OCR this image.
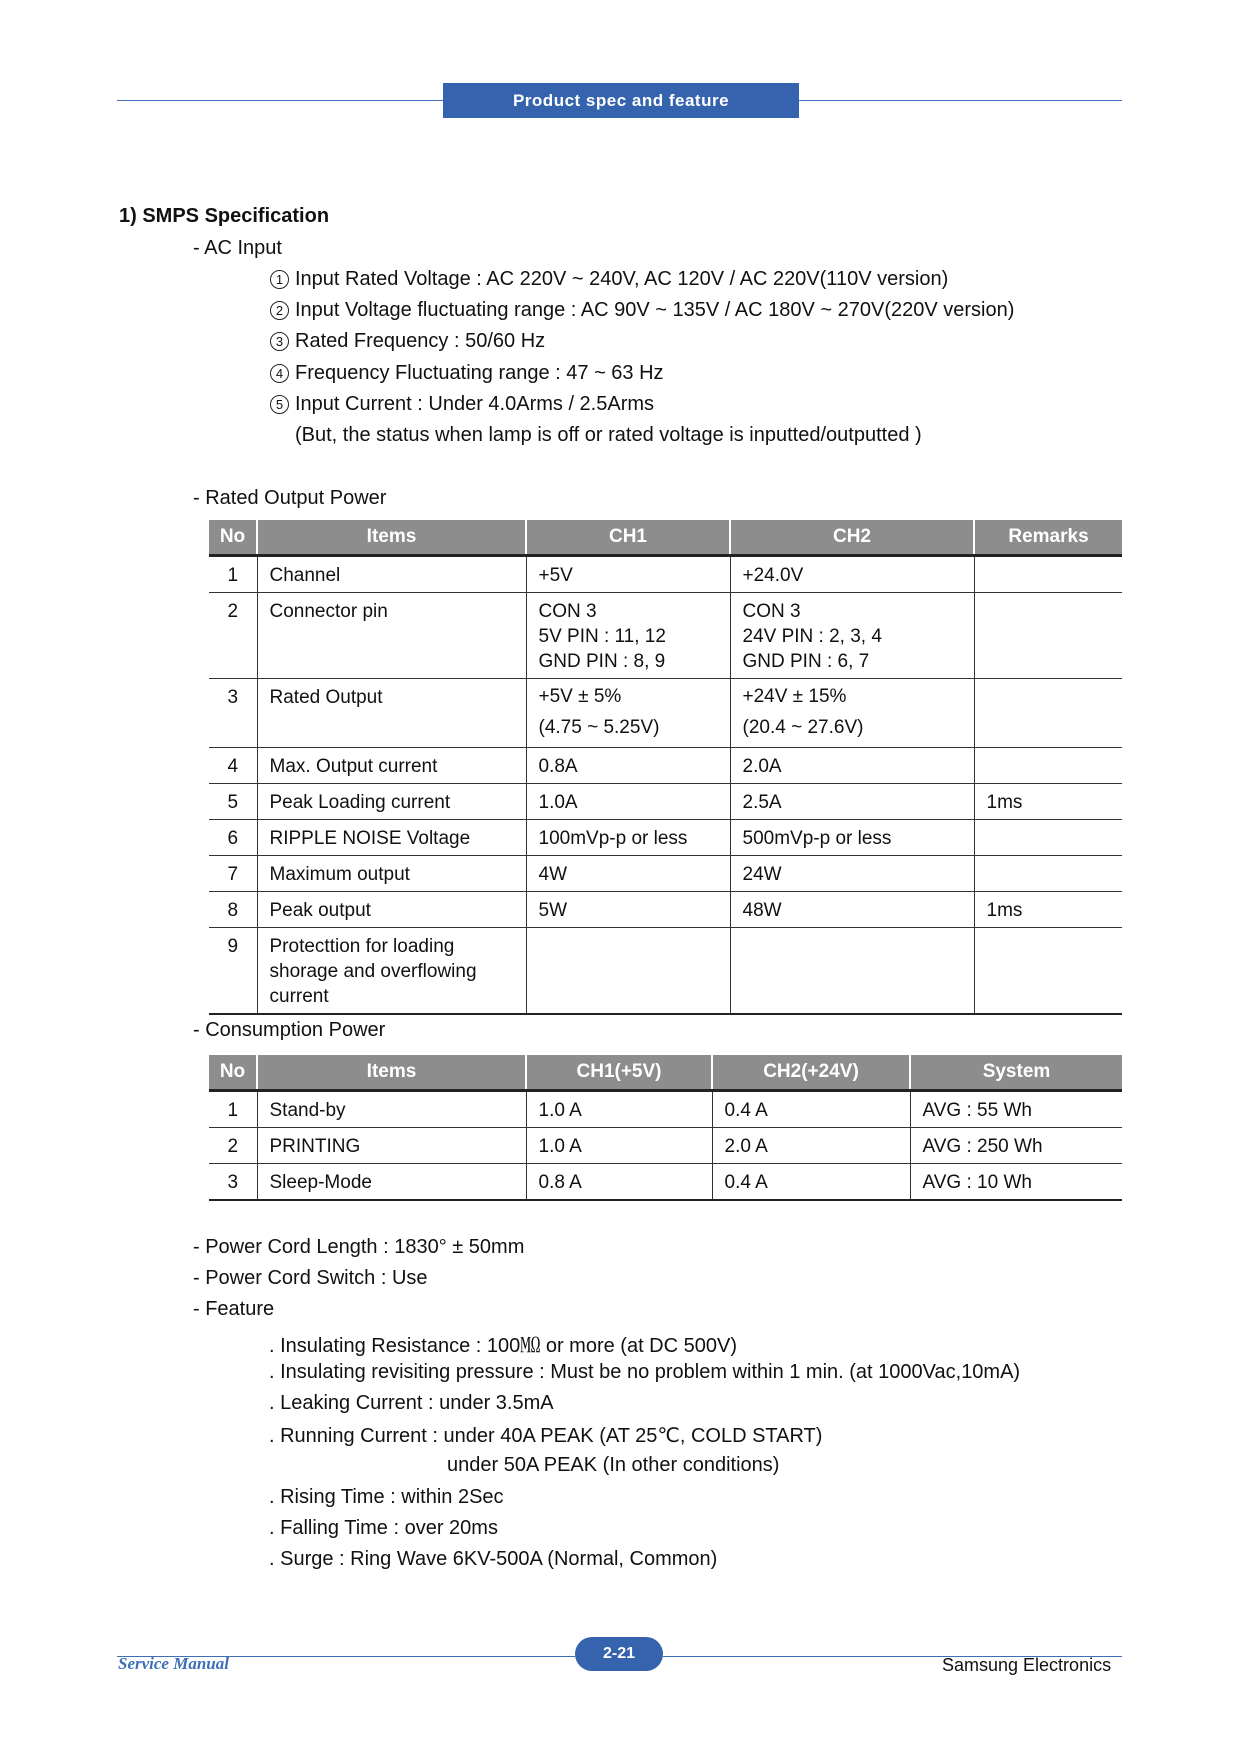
Product spec and feature
1) SMPS Specification
- AC Input
1 Input Rated Voltage : AC 220V ~ 240V, AC 120V / AC 220V(110V version)
2 Input Voltage fluctuating range : AC 90V ~ 135V / AC 180V ~ 270V(220V version)
3 Rated Frequency : 50/60 Hz
4 Frequency Fluctuating range : 47 ~ 63 Hz
5 Input Current : Under 4.0Arms / 2.5Arms
(But, the status when lamp is off or rated voltage is inputted/outputted )
- Rated Output Power
No	Items	CH1	CH2	Remarks
1	Channel	+5V	+24.0V	

2	Connector pin	CON 3
5V PIN : 11, 12
GND PIN : 8, 9	CON 3
24V PIN : 2, 3, 4
GND PIN : 6, 7	

3	Rated Output	+5V ± 5%
(4.75 ~ 5.25V)	+24V ± 15%
(20.4 ~ 27.6V)	

4	Max. Output current	0.8A	2.0A	

5	Peak Loading current	1.0A	2.5A	1ms
6	RIPPLE NOISE Voltage	100mVp-p or less	500mVp-p or less	

7	Maximum output	4W	24W	

8	Peak output	5W	48W	1ms
9	Protecttion for loading
shorage and overflowing
current			

- Consumption Power
No	Items	CH1(+5V)	CH2(+24V)	System
1	Stand-by	1.0 A	0.4 A	AVG : 55 Wh
2	PRINTING	1.0 A	2.0 A	AVG : 250 Wh
3	Sleep-Mode	0.8 A	0.4 A	AVG : 10 Wh
- Power Cord Length : 1830° ± 50mm
- Power Cord Switch : Use
- Feature
. Insulating Resistance : 100㏁ or more (at DC 500V)
. Insulating revisiting pressure : Must be no problem within 1 min. (at 1000Vac,10mA)
. Leaking Current : under 3.5mA
. Running Current : under 40A PEAK (AT 25℃, COLD START)
under 50A PEAK (In other conditions)
. Rising Time : within 2Sec
. Falling Time : over 20ms
. Surge : Ring Wave 6KV-500A (Normal, Common)
Service Manual
2-21
Samsung Electronics
